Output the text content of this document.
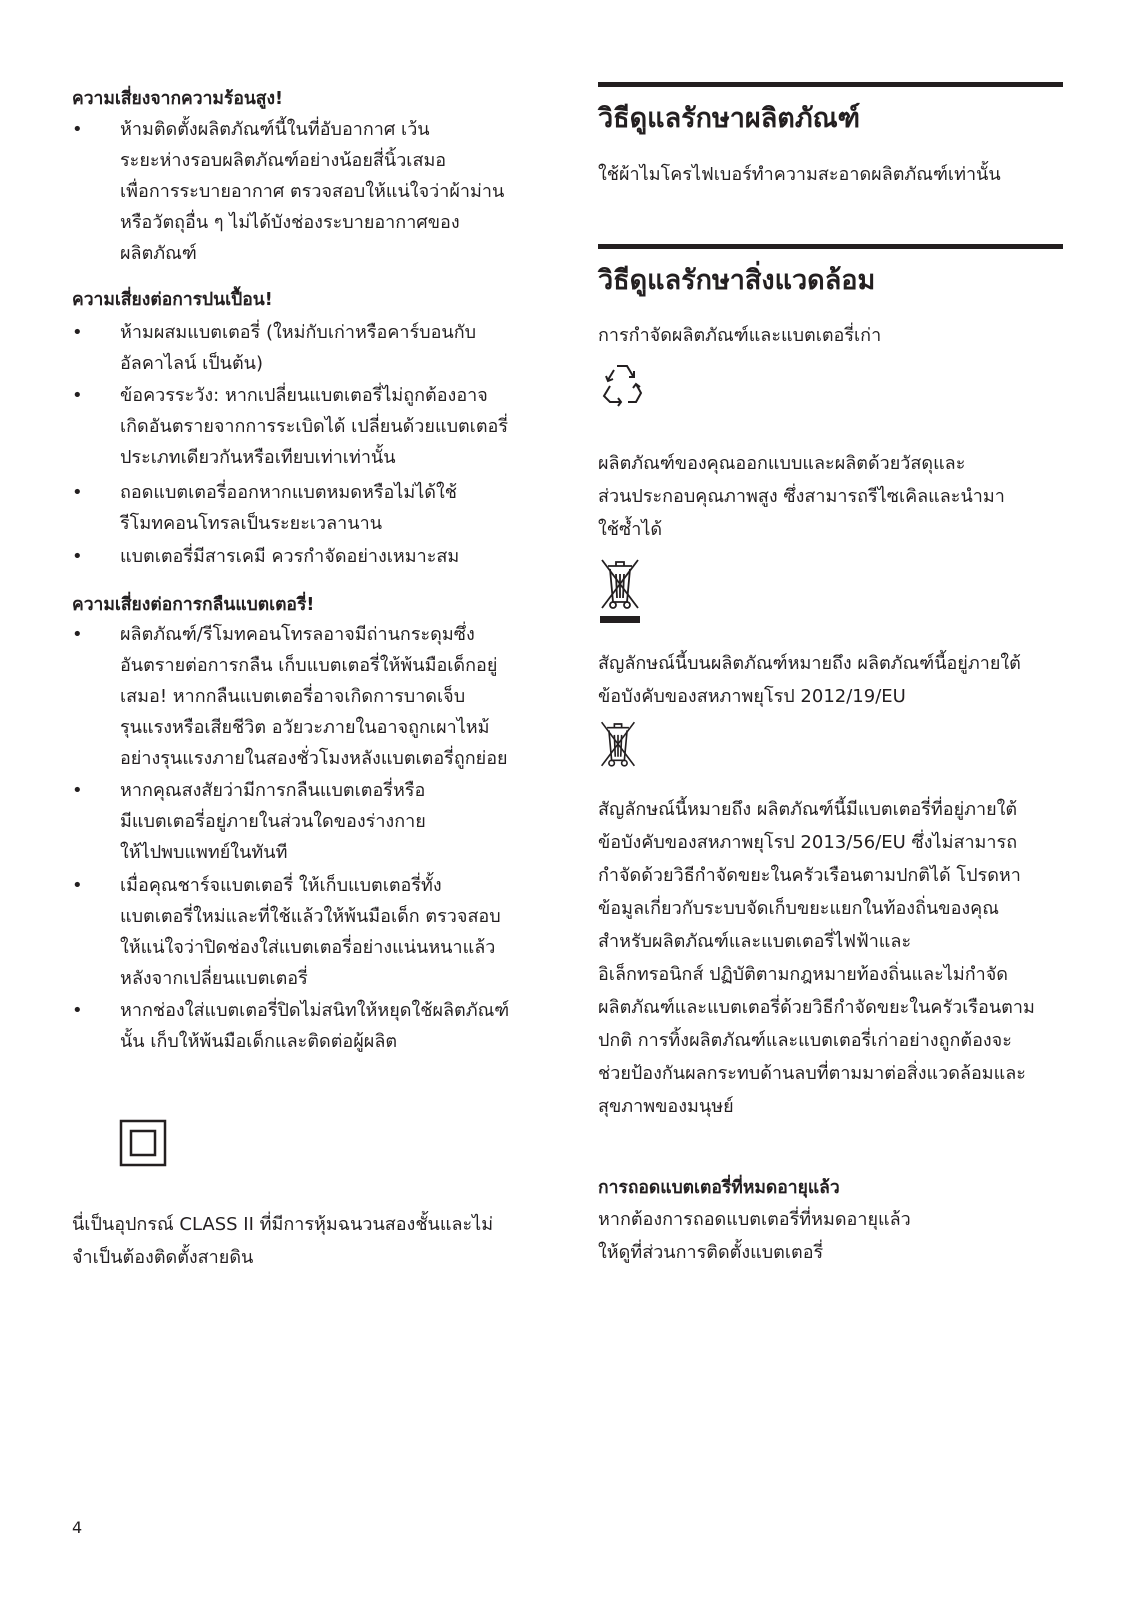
ความเสี่ยงจากความร้อนสูง!
• ห้ามติดตั้งผลิตภัณฑ์นี้ในที่อับอากาศ เว้น
ระยะห่างรอบผลิตภัณฑ์อย่างน้อยสี่นิ้วเสมอ
เพื่อการระบายอากาศ ตรวจสอบให้แน่ใจว่าผ้าม่าน
หรือวัตถุอื่น ๆ ไม่ได้บังช่องระบายอากาศของ
ผลิตภัณฑ์
ความเสี่ยงต่อการปนเปื้อน!
• ห้ามผสมแบตเตอรี่ (ใหม่กับเก่าหรือคาร์บอนกับ
อัลคาไลน์ เป็นต้น)
• ข้อควรระวัง: หากเปลี่ยนแบตเตอรี่ไม่ถูกต้องอาจ
เกิดอันตรายจากการระเบิดได้ เปลี่ยนด้วยแบตเตอรี่
ประเภทเดียวกันหรือเทียบเท่าเท่านั้น
• ถอดแบตเตอรี่ออกหากแบตหมดหรือไม่ได้ใช้
รีโมทคอนโทรลเป็นระยะเวลานาน
• แบตเตอรี่มีสารเคมี ควรกำจัดอย่างเหมาะสม
ความเสี่ยงต่อการกลืนแบตเตอรี่!
• ผลิตภัณฑ์/รีโมทคอนโทรลอาจมีถ่านกระดุมซึ่ง
อันตรายต่อการกลืน เก็บแบตเตอรี่ให้พ้นมือเด็กอยู่
เสมอ! หากกลืนแบตเตอรี่อาจเกิดการบาดเจ็บ
รุนแรงหรือเสียชีวิต อวัยวะภายในอาจถูกเผาไหม้
อย่างรุนแรงภายในสองชั่วโมงหลังแบตเตอรี่ถูกย่อย
• หากคุณสงสัยว่ามีการกลืนแบตเตอรี่หรือ
มีแบตเตอรี่อยู่ภายในส่วนใดของร่างกาย
ให้ไปพบแพทย์ในทันที
• เมื่อคุณชาร์จแบตเตอรี่ ให้เก็บแบตเตอรี่ทั้ง
แบตเตอรี่ใหม่และที่ใช้แล้วให้พ้นมือเด็ก ตรวจสอบ
ให้แน่ใจว่าปิดช่องใส่แบตเตอรี่อย่างแน่นหนาแล้ว
หลังจากเปลี่ยนแบตเตอรี่
• หากช่องใส่แบตเตอรี่ปิดไม่สนิทให้หยุดใช้ผลิตภัณฑ์
นั้น เก็บให้พ้นมือเด็กและติดต่อผู้ผลิต
นี่เป็นอุปกรณ์ CLASS II ที่มีการหุ้มฉนวนสองชั้นและไม่
จำเป็นต้องติดตั้งสายดิน
4
วิธีดูแลรักษาผลิตภัณฑ์
ใช้ผ้าไมโครไฟเบอร์ทำความสะอาดผลิตภัณฑ์เท่านั้น
วิธีดูแลรักษาสิ่งแวดล้อม
การกำจัดผลิตภัณฑ์และแบตเตอรี่เก่า
ผลิตภัณฑ์ของคุณออกแบบและผลิตด้วยวัสดุและ
ส่วนประกอบคุณภาพสูง ซึ่งสามารถรีไซเคิลและนำมา
ใช้ซ้ำได้
สัญลักษณ์นี้บนผลิตภัณฑ์หมายถึง ผลิตภัณฑ์นี้อยู่ภายใต้
ข้อบังคับของสหภาพยุโรป 2012/19/EU
สัญลักษณ์นี้หมายถึง ผลิตภัณฑ์นี้มีแบตเตอรี่ที่อยู่ภายใต้
ข้อบังคับของสหภาพยุโรป 2013/56/EU ซึ่งไม่สามารถ
กำจัดด้วยวิธีกำจัดขยะในครัวเรือนตามปกติได้ โปรดหา
ข้อมูลเกี่ยวกับระบบจัดเก็บขยะแยกในท้องถิ่นของคุณ
สำหรับผลิตภัณฑ์และแบตเตอรี่ไฟฟ้าและ
อิเล็กทรอนิกส์ ปฏิบัติตามกฎหมายท้องถิ่นและไม่กำจัด
ผลิตภัณฑ์และแบตเตอรี่ด้วยวิธีกำจัดขยะในครัวเรือนตาม
ปกติ การทิ้งผลิตภัณฑ์และแบตเตอรี่เก่าอย่างถูกต้องจะ
ช่วยป้องกันผลกระทบด้านลบที่ตามมาต่อสิ่งแวดล้อมและ
สุขภาพของมนุษย์
การถอดแบตเตอรี่ที่หมดอายุแล้ว
หากต้องการถอดแบตเตอรี่ที่หมดอายุแล้ว
ให้ดูที่ส่วนการติดตั้งแบตเตอรี่
